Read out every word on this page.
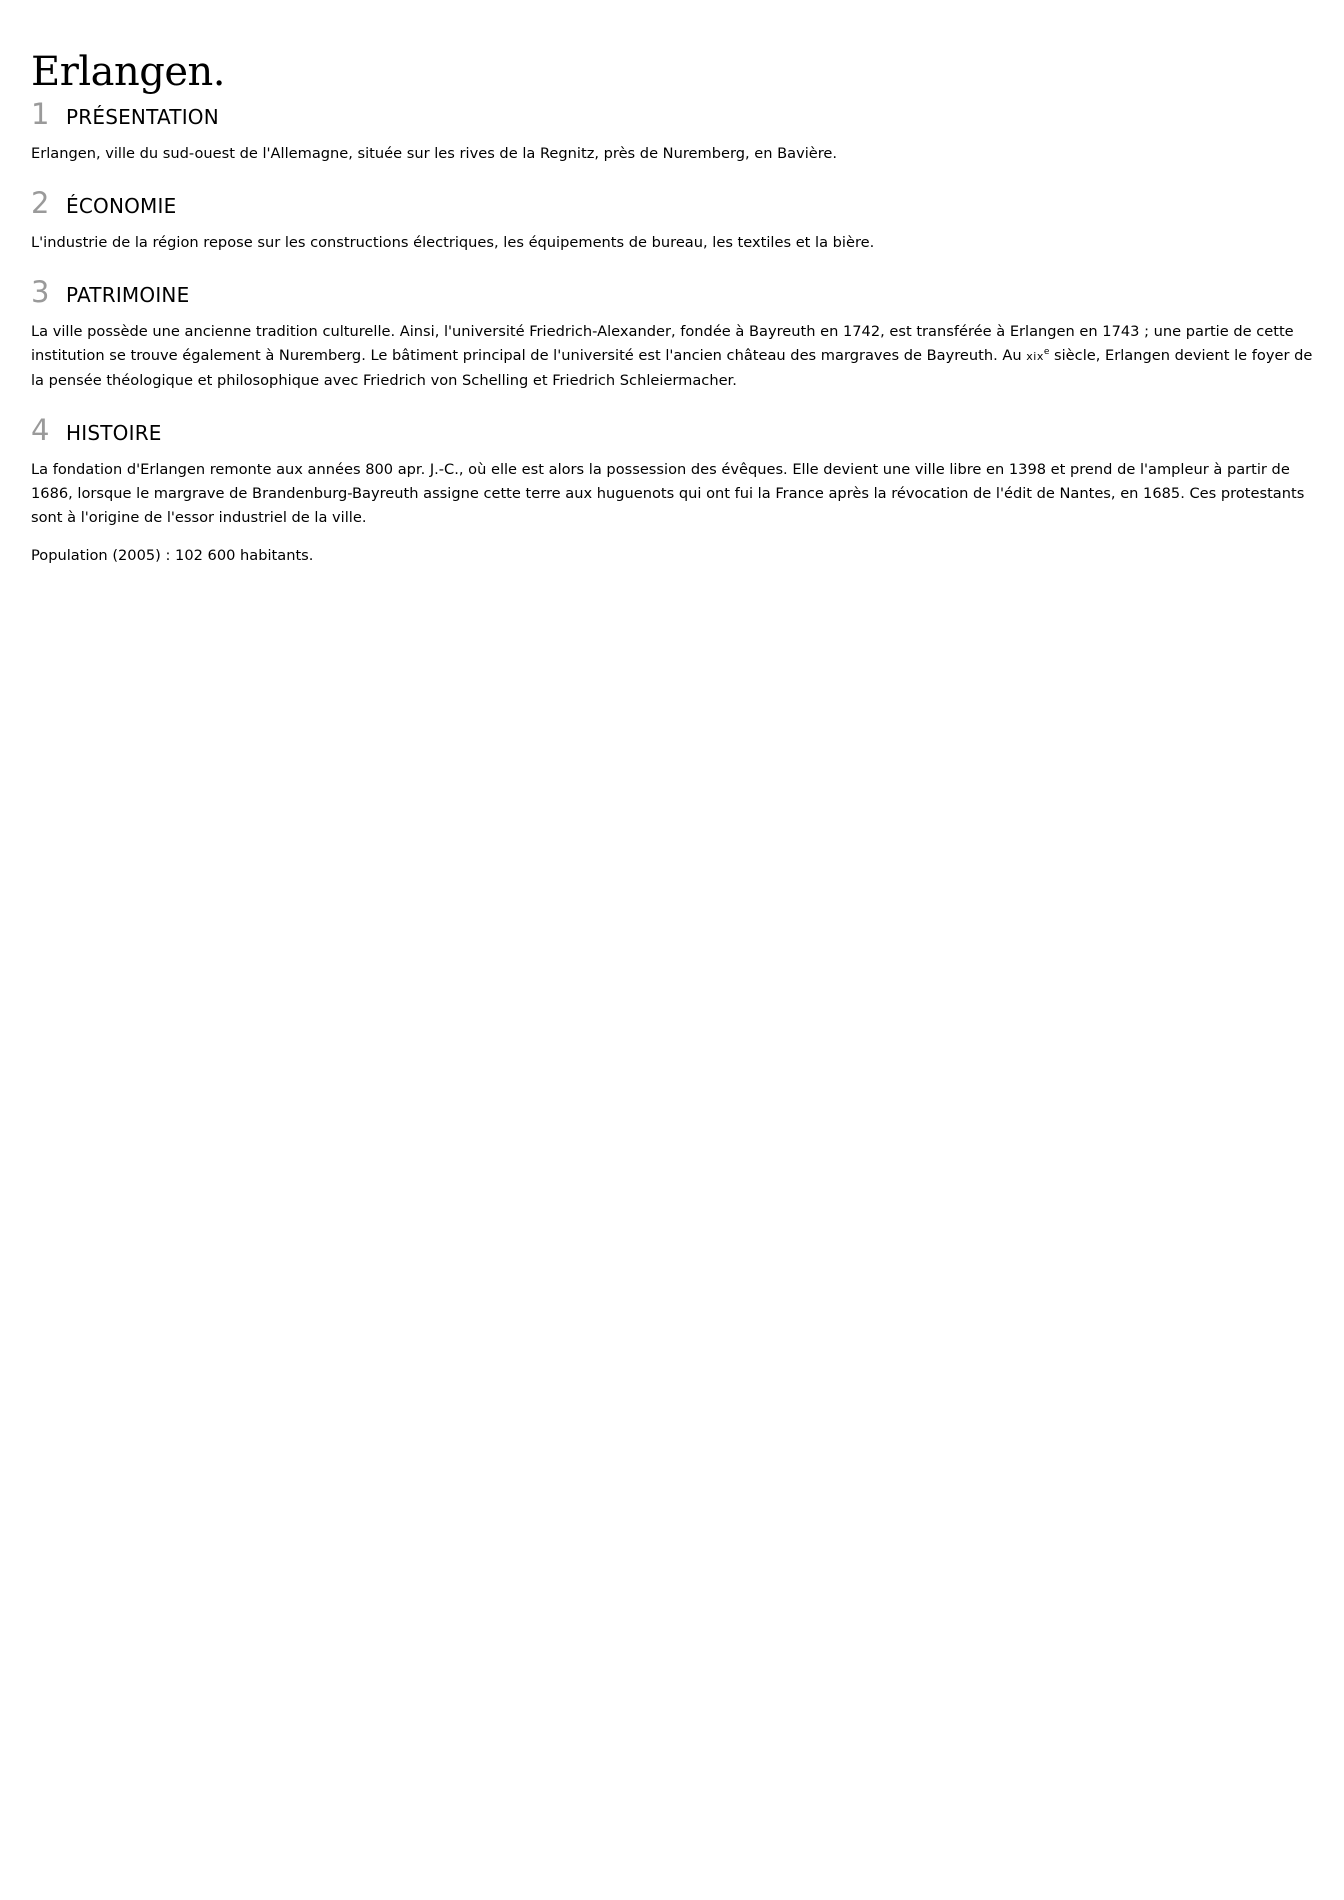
Erlangen.
1 PRÉSENTATION

Erlangen, ville du sud-ouest de l'Allemagne, située sur les rives de la Regnitz, près de Nuremberg, en Bavière.

2 ÉCONOMIE

L'industrie de la région repose sur les constructions électriques, les équipements de bureau, les textiles et la bière.

3 PATRIMOINE

La ville possède une ancienne tradition culturelle. Ainsi, l'université Friedrich-Alexander, fondée à Bayreuth en 1742, est transférée à Erlangen en 1743 ; une partie de cette institution se trouve également à Nuremberg. Le bâtiment principal de l'université est l'ancien château des margraves de Bayreuth. Au xix$^e$ siècle, Erlangen devient le foyer de la pensée théologique et philosophique avec Friedrich von Schelling et Friedrich Schleiermacher.

4 HISTOIRE

La fondation d'Erlangen remonte aux années 800 apr. J.-C., où elle est alors la possession des évêques. Elle devient une ville libre en 1398 et prend de l'ampleur à partir de 1686, lorsque le margrave de Brandenburg-Bayreuth assigne cette terre aux huguenots qui ont fui la France après la révocation de l'édit de Nantes, en 1685. Ces protestants sont à l'origine de l'essor industriel de la ville.

Population (2005) : 102 600 habitants.
